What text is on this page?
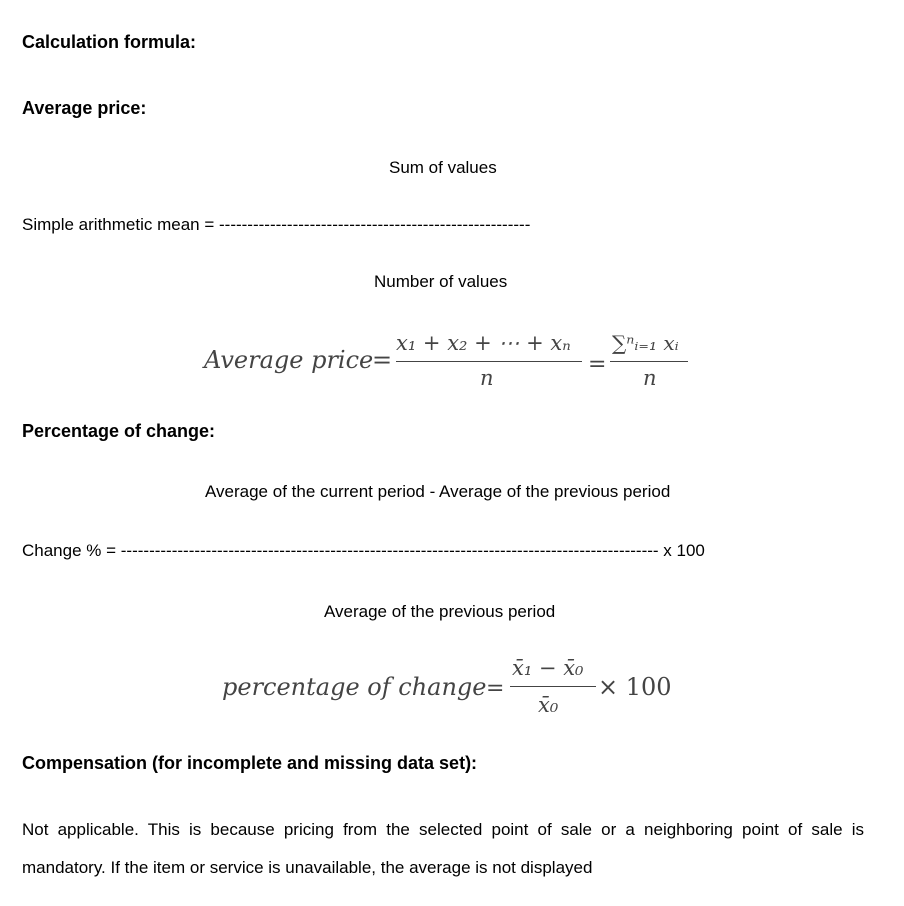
Calculation formula:
Average price:
Sum of values
Simple arithmetic mean = -------------------------------------------------------
Number of values
Average price
=
x₁ + x₂ + ⋯ + xₙ
n
=
∑ⁿᵢ₌₁ xᵢ
n
Percentage of change:
Average of the current period - Average of the previous period
Change % = ----------------------------------------------------------------------------------------------- x 100
Average of the previous period
percentage of change =
x̄₁ − x̄₀
x̄₀
× 100
Compensation (for incomplete and missing data set):
Not applicable. This is because pricing from the selected point of sale or a neighboring point of sale is mandatory. If the item or service is unavailable, the average is not displayed
